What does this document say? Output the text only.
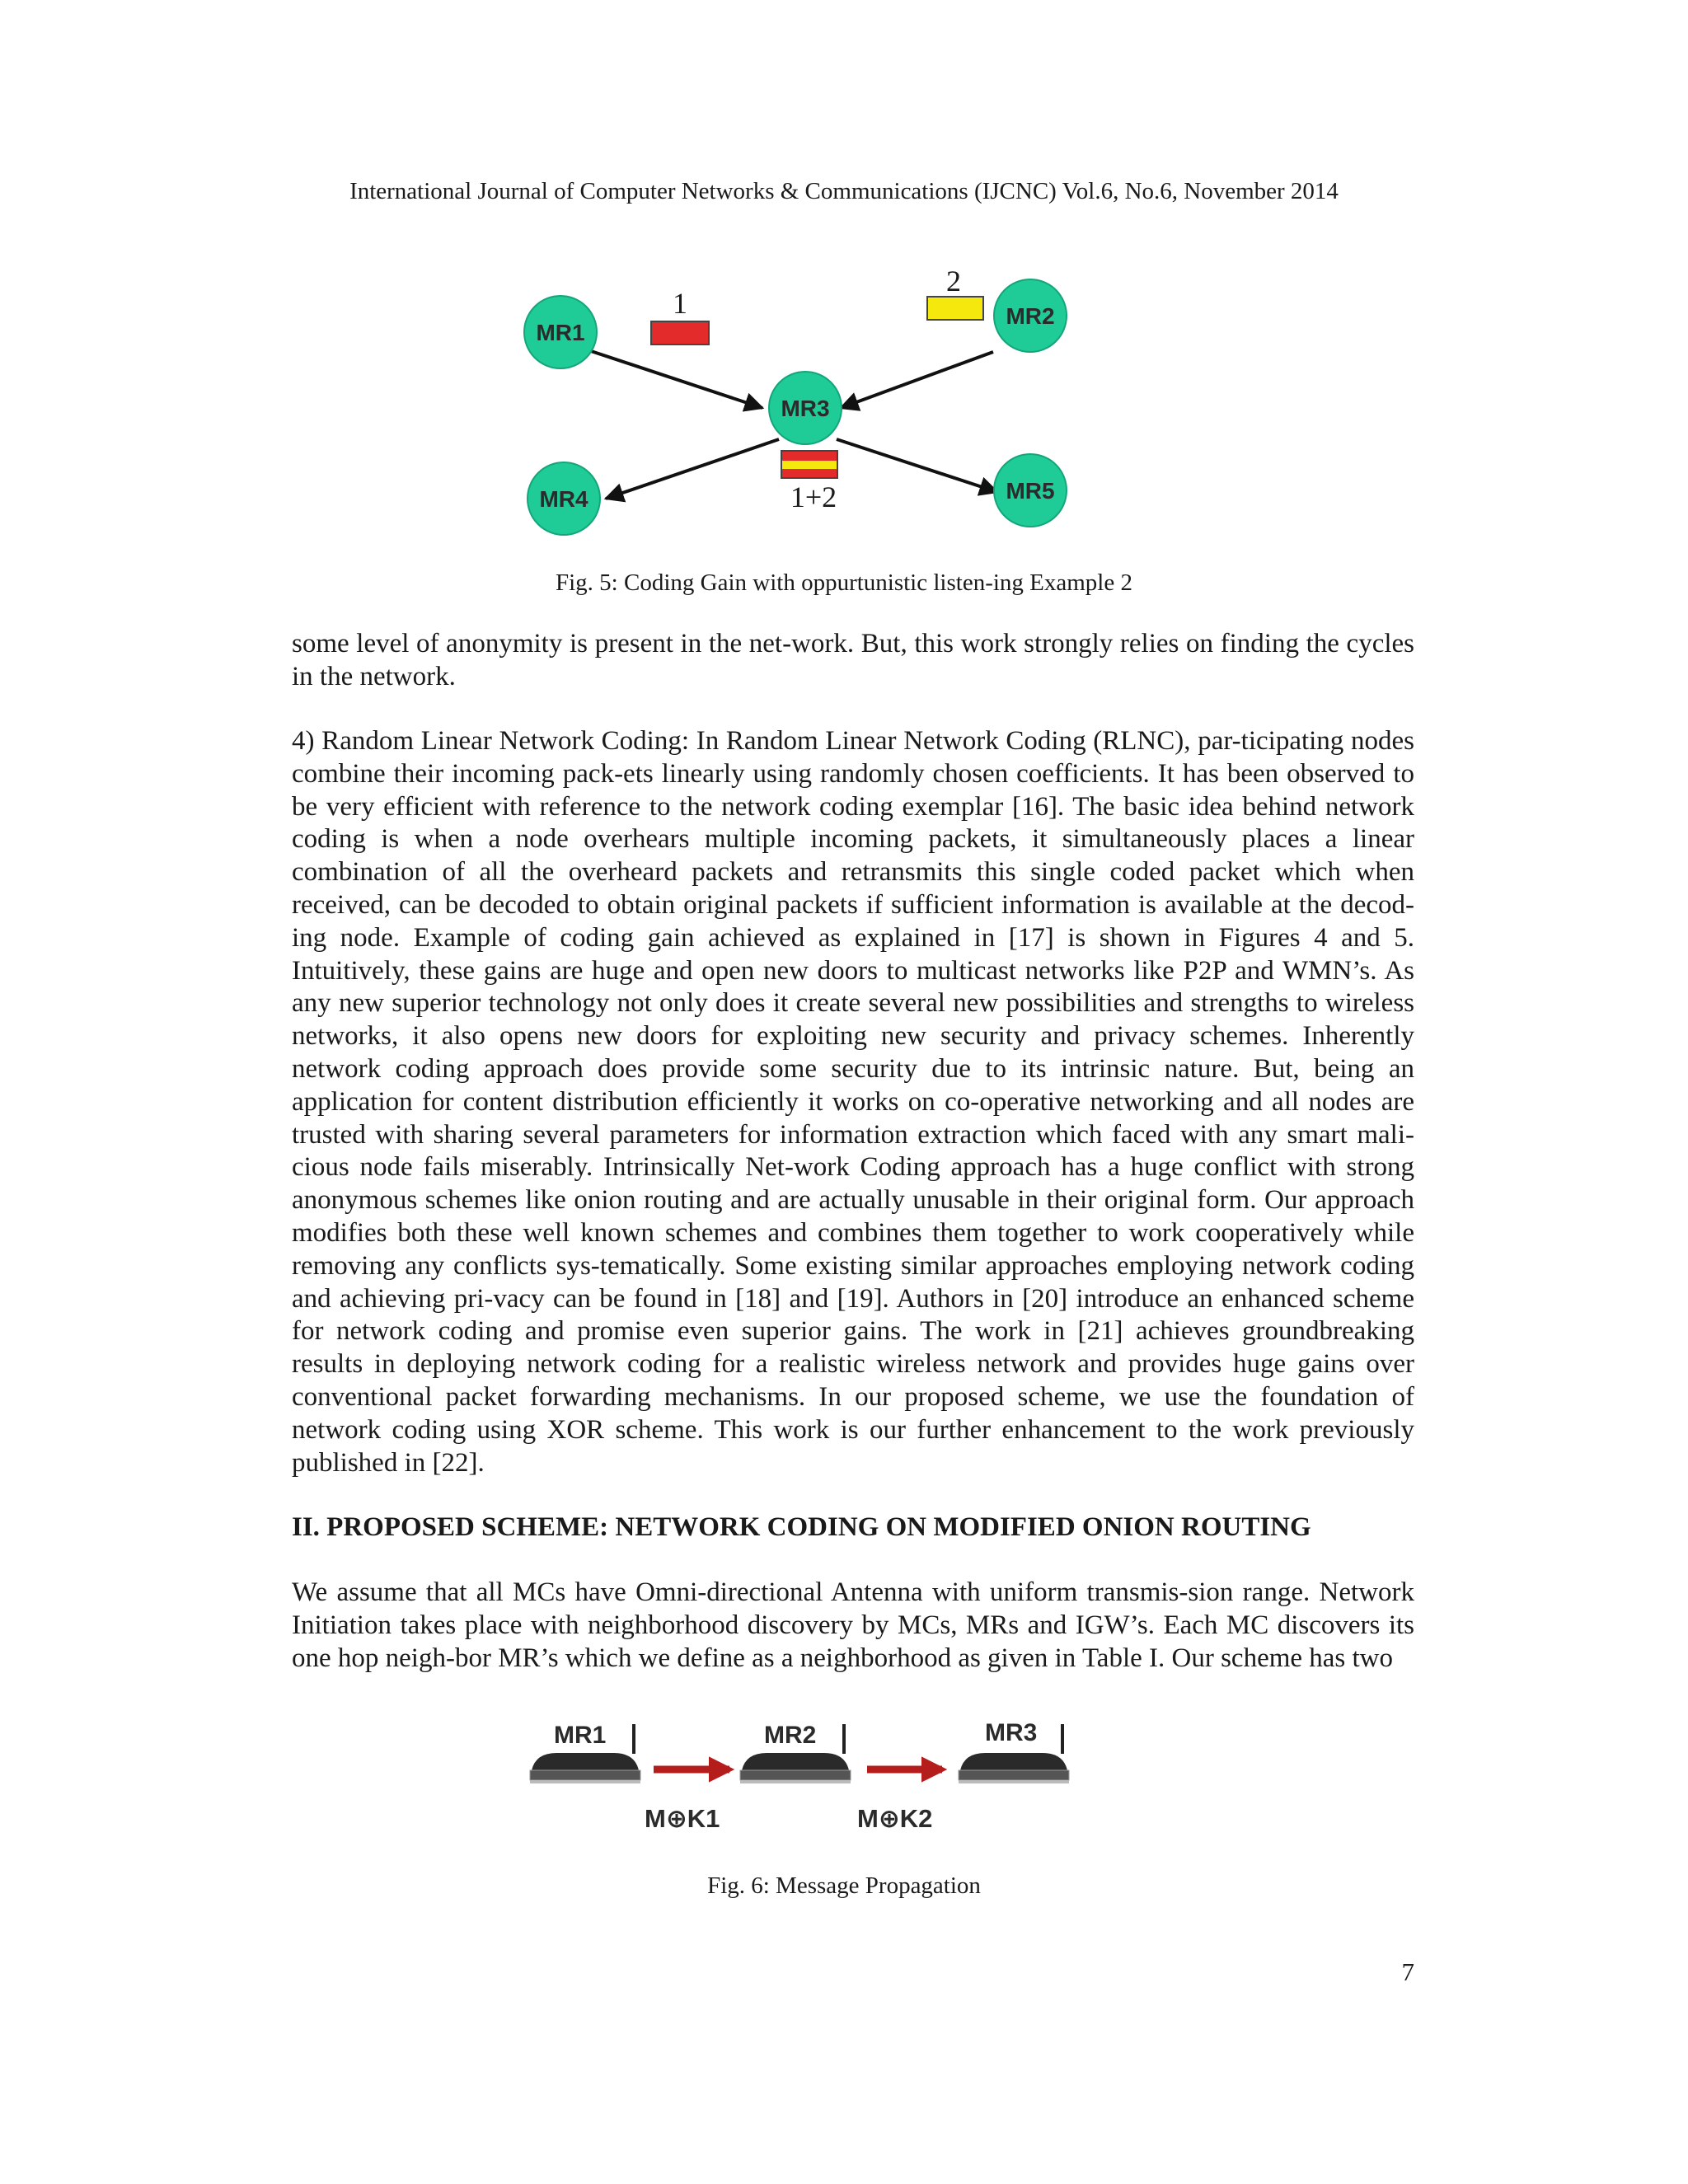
International Journal of Computer Networks & Communications (IJCNC) Vol.6, No.6, November 2014
MR1
MR2
MR3
MR4	MR5
1
2
1+2
Fig. 5: Coding Gain with oppurtunistic listen-ing Example 2

some level of anonymity is present in the net-work. But, this work strongly relies on finding the cycles in the network.

4) Random Linear Network Coding: In Random Linear Network Coding (RLNC), par-ticipating nodes combine their incoming pack-ets linearly using randomly chosen coefficients. It has been observed to be very efficient with reference to the network coding exemplar [16]. The basic idea behind network coding is when a node overhears multiple incoming packets, it simultaneously places a linear combination of all the overheard packets and retransmits this single coded packet which when received, can be decoded to obtain original packets if sufficient information is available at the decod-ing node. Example of coding gain achieved as explained in [17] is shown in Figures 4 and 5. Intuitively, these gains are huge and open new doors to multicast networks like P2P and WMN’s. As any new superior technology not only does it create several new possibilities and strengths to wireless networks, it also opens new doors for exploiting new security and privacy schemes. Inherently network coding approach does provide some security due to its intrinsic nature. But, being an application for content distribution efficiently it works on co-operative networking and all nodes are trusted with sharing several parameters for information extraction which faced with any smart mali-cious node fails miserably. Intrinsically Net-work Coding approach has a huge conflict with strong anonymous schemes like onion routing and are actually unusable in their original form. Our approach modifies both these well known schemes and combines them together to work cooperatively while removing any conflicts sys-tematically. Some existing similar approaches employing network coding and achieving pri-vacy can be found in [18] and [19]. Authors in [20] introduce an enhanced scheme for network coding and promise even superior gains. The work in [21] achieves groundbreaking results in deploying network coding for a realistic wireless network and provides huge gains over conventional packet forwarding mechanisms. In our proposed scheme, we use the foundation of network coding using XOR scheme. This work is our further enhancement to the work previously published in [22].

II. PROPOSED SCHEME: NETWORK CODING ON MODIFIED ONION ROUTING

We assume that all MCs have Omni-directional Antenna with uniform transmis-sion range. Network Initiation takes place with neighborhood discovery by MCs, MRs and IGW’s. Each MC discovers its one hop neigh-bor MR’s which we define as a neighborhood as given in Table I. Our scheme has two

MR1	MR2	MR3
M⊕K1	M⊕K2
Fig. 6: Message Propagation
7
